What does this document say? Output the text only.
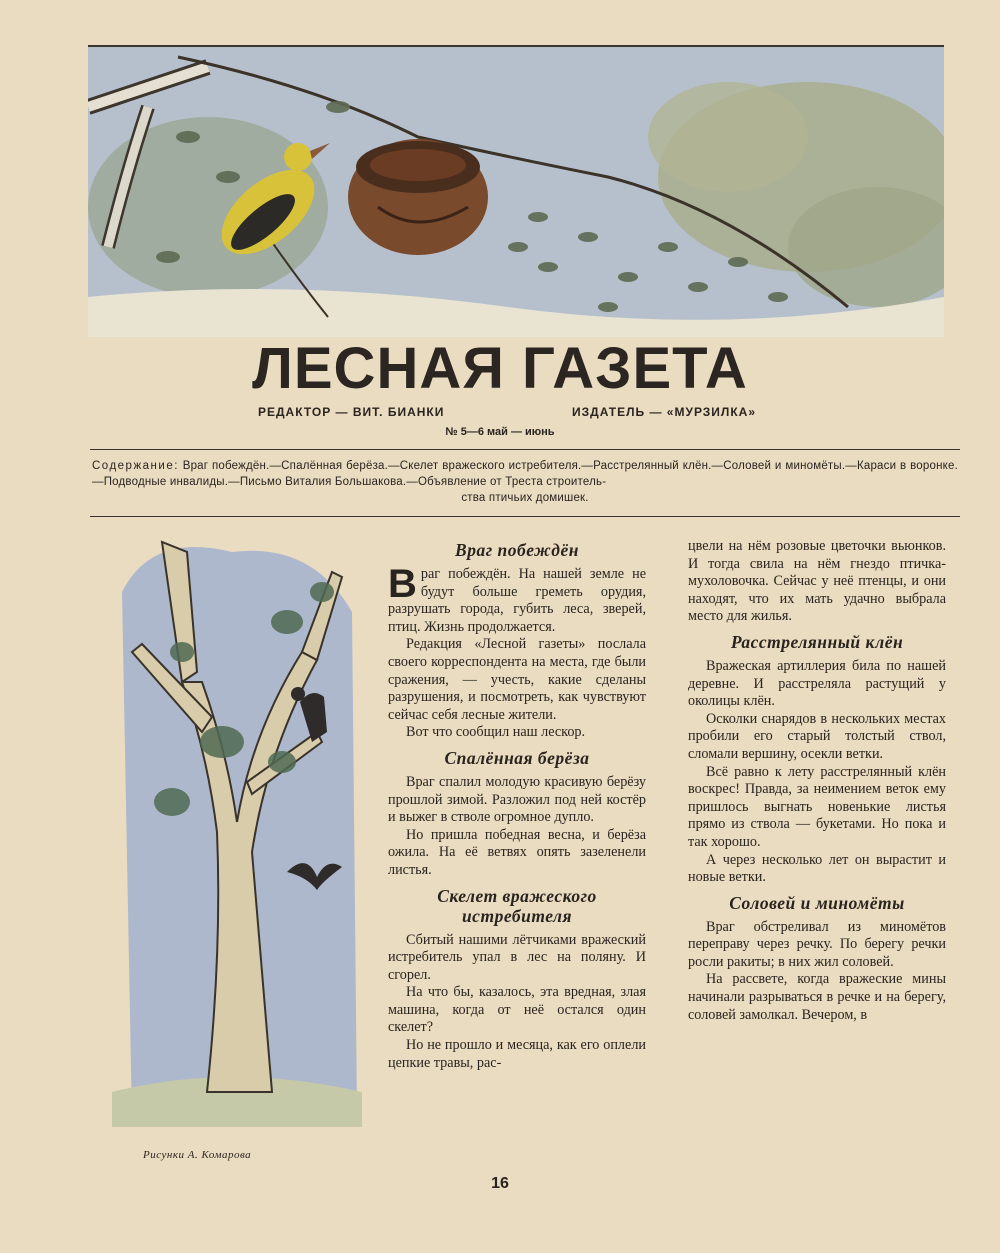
ЛЕСНАЯ ГАЗЕТА
РЕДАКТОР — ВИТ. БИАНКИ	ИЗДАТЕЛЬ — «МУРЗИЛКА»
№ 5—6 май — июнь
Содержание: Враг побеждён.—Спалённая берёза.—Скелет вражеского истребителя.—Расстрелянный клён.—Соловей и миномёты.—Караси в воронке.—Подводные инвалиды.—Письмо Виталия Большакова.—Объявление от Треста строитель-
ства птичьих домишек.
Рисунки А. Комарова
Враг побеждён

Враг побеждён. На нашей земле не будут больше греметь орудия, разрушать города, губить леса, зверей, птиц. Жизнь продолжается.

Редакция «Лесной газеты» послала своего корреспондента на места, где были сражения, — учесть, какие сделаны разрушения, и посмотреть, как чувствуют сейчас себя лесные жители.

Вот что сообщил наш лескор.

Спалённая берёза

Враг спалил молодую красивую берёзу прошлой зимой. Разложил под ней костёр и выжег в стволе огромное дупло.

Но пришла победная весна, и берёза ожила. На её ветвях опять зазеленели листья.

Скелет вражеского истребителя

Сбитый нашими лётчиками вражеский истребитель упал в лес на поляну. И сгорел.

На что бы, казалось, эта вредная, злая машина, когда от неё остался один скелет?

Но не прошло и месяца, как его оплели цепкие травы, рас-

цвели на нём розовые цветочки вьюнков. И тогда свила на нём гнездо птичка-мухоловочка. Сейчас у неё птенцы, и они находят, что их мать удачно выбрала место для жилья.

Расстрелянный клён

Вражеская артиллерия била по нашей деревне. И расстреляла растущий у околицы клён.

Осколки снарядов в нескольких местах пробили его старый толстый ствол, сломали вершину, осекли ветки.

Всё равно к лету расстрелянный клён воскрес! Правда, за неимением веток ему пришлось выгнать новенькие листья прямо из ствола — букетами. Но пока и так хорошо.

А через несколько лет он вырастит и новые ветки.

Соловей и миномёты

Враг обстреливал из миномётов переправу через речку. По берегу речки росли ракиты; в них жил соловей.

На рассвете, когда вражеские мины начинали разрываться в речке и на берегу, соловей замолкал. Вечером, в

16
